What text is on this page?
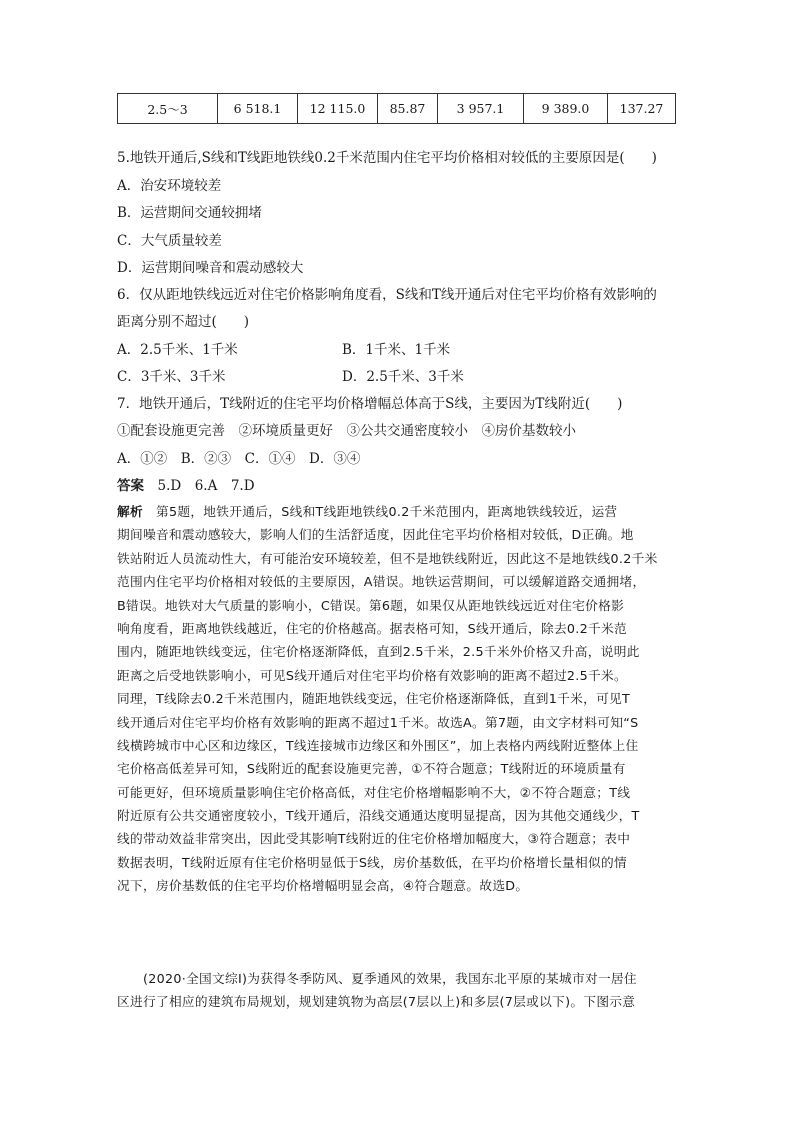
2.5～3	6 518.1	12 115.0	85.87	3 957.1	9 389.0	137.27
5.地铁开通后,S线和T线距地铁线0.2千米范围内住宅平均价格相对较低的主要原因是(　　)
A．治安环境较差
B．运营期间交通较拥堵
C．大气质量较差
D．运营期间噪音和震动感较大
6．仅从距地铁线远近对住宅价格影响角度看，S线和T线开通后对住宅平均价格有效影响的
距离分别不超过(　　)
A．2.5千米、1千米	B．1千米、1千米
C．3千米、3千米	D．2.5千米、3千米
7．地铁开通后，T线附近的住宅平均价格增幅总体高于S线，主要因为T线附近(　　)
①配套设施更完善　②环境质量更好　③公共交通密度较小　④房价基数较小
A．①②　B．②③　C．①④　D．③④
答案　5.D　6.A　7.D
解析　第5题，地铁开通后，S线和T线距地铁线0.2千米范围内，距离地铁线较近，运营
期间噪音和震动感较大，影响人们的生活舒适度，因此住宅平均价格相对较低，D正确。地
铁站附近人员流动性大，有可能治安环境较差，但不是地铁线附近，因此这不是地铁线0.2千米
范围内住宅平均价格相对较低的主要原因，A错误。地铁运营期间，可以缓解道路交通拥堵，
B错误。地铁对大气质量的影响小，C错误。第6题，如果仅从距地铁线远近对住宅价格影
响角度看，距离地铁线越近，住宅的价格越高。据表格可知，S线开通后，除去0.2千米范
围内，随距地铁线变远，住宅价格逐渐降低，直到2.5千米，2.5千米外价格又升高，说明此
距离之后受地铁影响小，可见S线开通后对住宅平均价格有效影响的距离不超过2.5千米。
同理，T线除去0.2千米范围内，随距地铁线变远，住宅价格逐渐降低，直到1千米，可见T
线开通后对住宅平均价格有效影响的距离不超过1千米。故选A。第7题，由文字材料可知“S
线横跨城市中心区和边缘区，T线连接城市边缘区和外围区”，加上表格内两线附近整体上住
宅价格高低差异可知，S线附近的配套设施更完善，①不符合题意；T线附近的环境质量有
可能更好，但环境质量影响住宅价格高低，对住宅价格增幅影响不大，②不符合题意；T线
附近原有公共交通密度较小，T线开通后，沿线交通通达度明显提高，因为其他交通线少，T
线的带动效益非常突出，因此受其影响T线附近的住宅价格增加幅度大，③符合题意；表中
数据表明，T线附近原有住宅价格明显低于S线，房价基数低，在平均价格增长量相似的情
况下，房价基数低的住宅平均价格增幅明显会高，④符合题意。故选D。
　　(2020·全国文综Ⅰ)为获得冬季防风、夏季通风的效果，我国东北平原的某城市对一居住
区进行了相应的建筑布局规划，规划建筑物为高层(7层以上)和多层(7层或以下)。下图示意
